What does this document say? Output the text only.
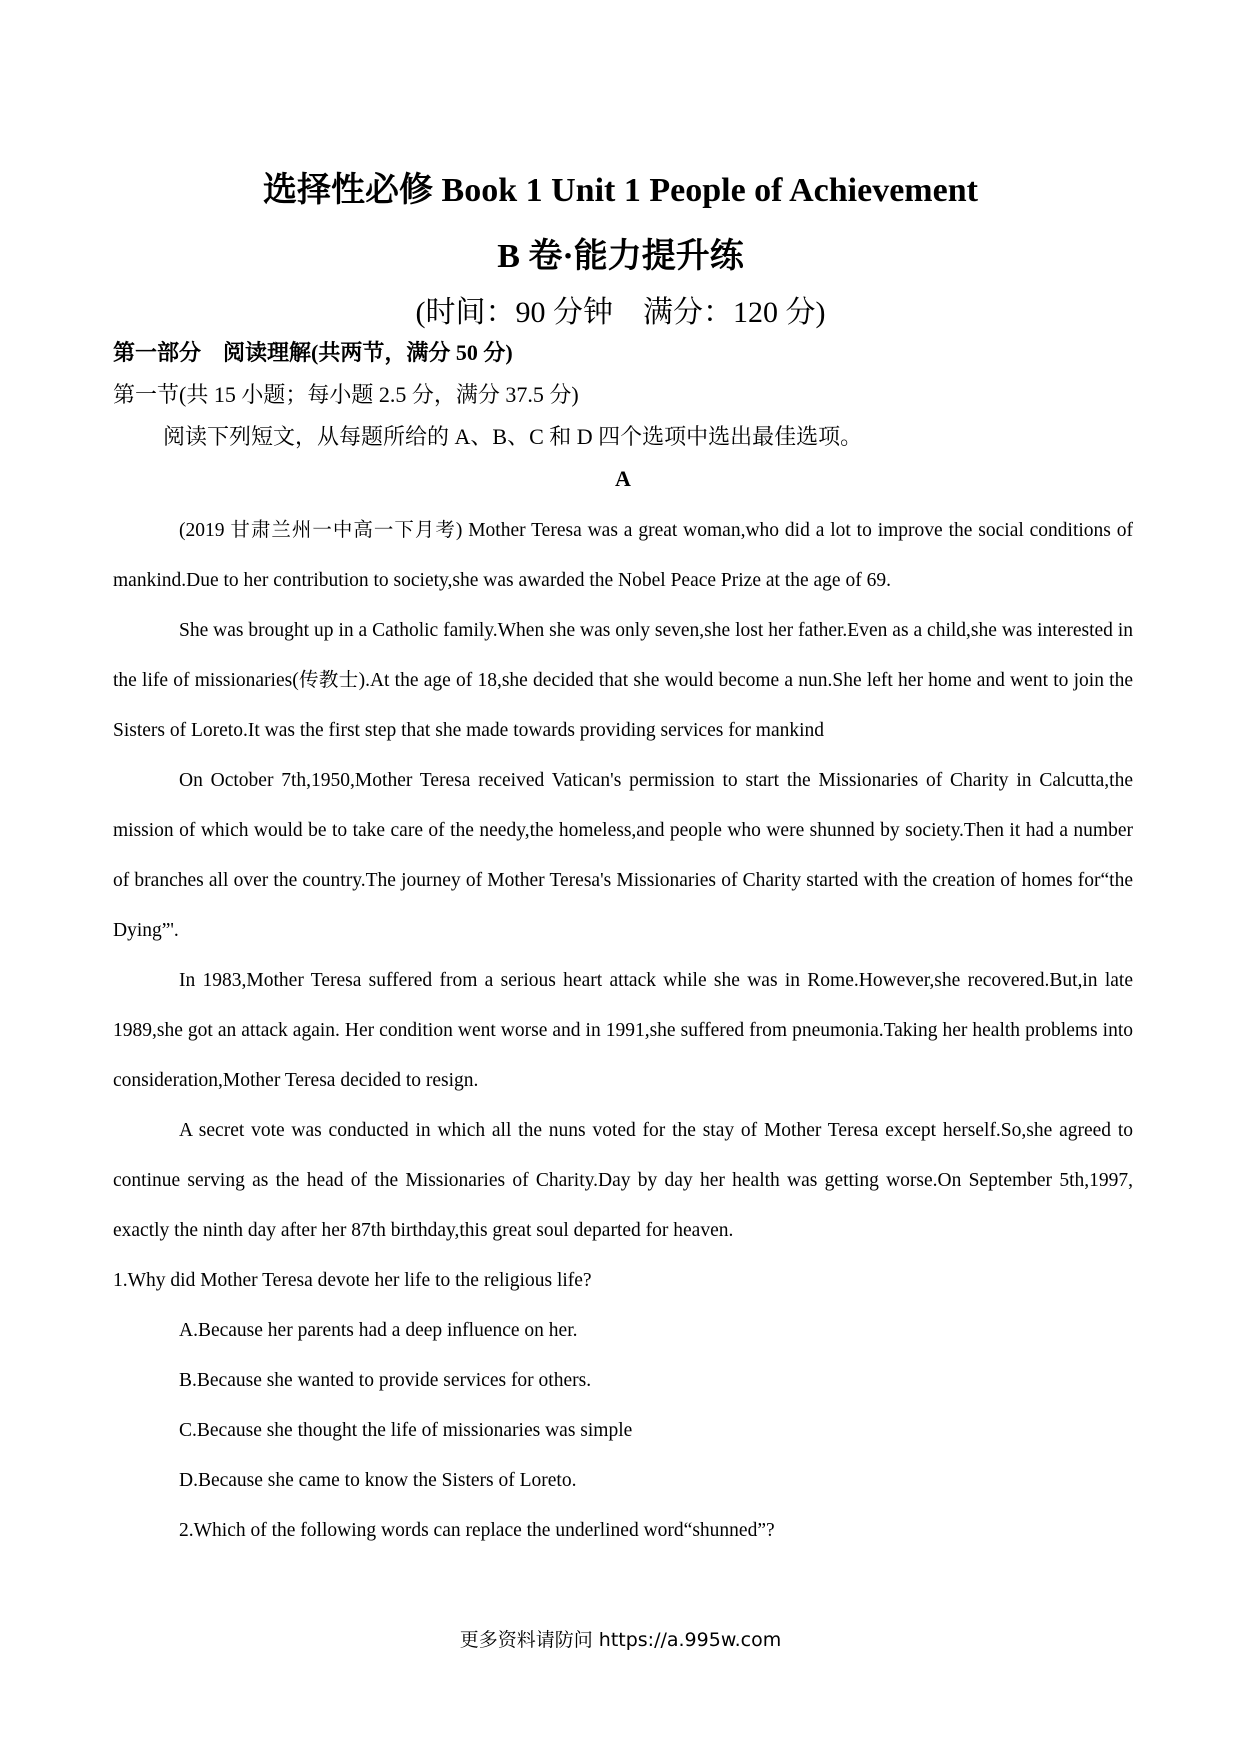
选择性必修 Book 1 Unit 1 People of Achievement
B 卷·能力提升练

(时间：90 分钟　满分：120 分)

第一部分　阅读理解(共两节，满分 50 分)

第一节(共 15 小题；每小题 2.5 分，满分 37.5 分)

阅读下列短文，从每题所给的 A、B、C 和 D 四个选项中选出最佳选项。

A

(2019 甘肃兰州一中高一下月考) Mother Teresa was a great woman,who did a lot to improve the social conditions of mankind.Due to her contribution to society,she was awarded the Nobel Peace Prize at the age of 69.

She was brought up in a Catholic family.When she was only seven,she lost her father.Even as a child,she was interested in the life of missionaries(传教士).At the age of 18,she decided that she would become a nun.She left her home and went to join the Sisters of Loreto.It was the first step that she made towards providing services for mankind

On October 7th,1950,Mother Teresa received Vatican's permission to start the Missionaries of Charity in Calcutta,the mission of which would be to take care of the needy,the homeless,and people who were shunned by society.Then it had a number of branches all over the country.The journey of Mother Teresa's Missionaries of Charity started with the creation of homes for“the Dying”'.

In 1983,Mother Teresa suffered from a serious heart attack while she was in Rome.However,she recovered.But,in late 1989,she got an attack again. Her condition went worse and in 1991,she suffered from pneumonia.Taking her health problems into consideration,Mother Teresa decided to resign.

A secret vote was conducted in which all the nuns voted for the stay of Mother Teresa except herself.So,she agreed to continue serving as the head of the Missionaries of Charity.Day by day her health was getting worse.On September 5th,1997, exactly the ninth day after her 87th birthday,this great soul departed for heaven.

1.Why did Mother Teresa devote her life to the religious life?

A.Because her parents had a deep influence on her.

B.Because she wanted to provide services for others.

C.Because she thought the life of missionaries was simple

D.Because she came to know the Sisters of Loreto.

2.Which of the following words can replace the underlined word“shunned”?

更多资料请防问 https://a.995w.com
